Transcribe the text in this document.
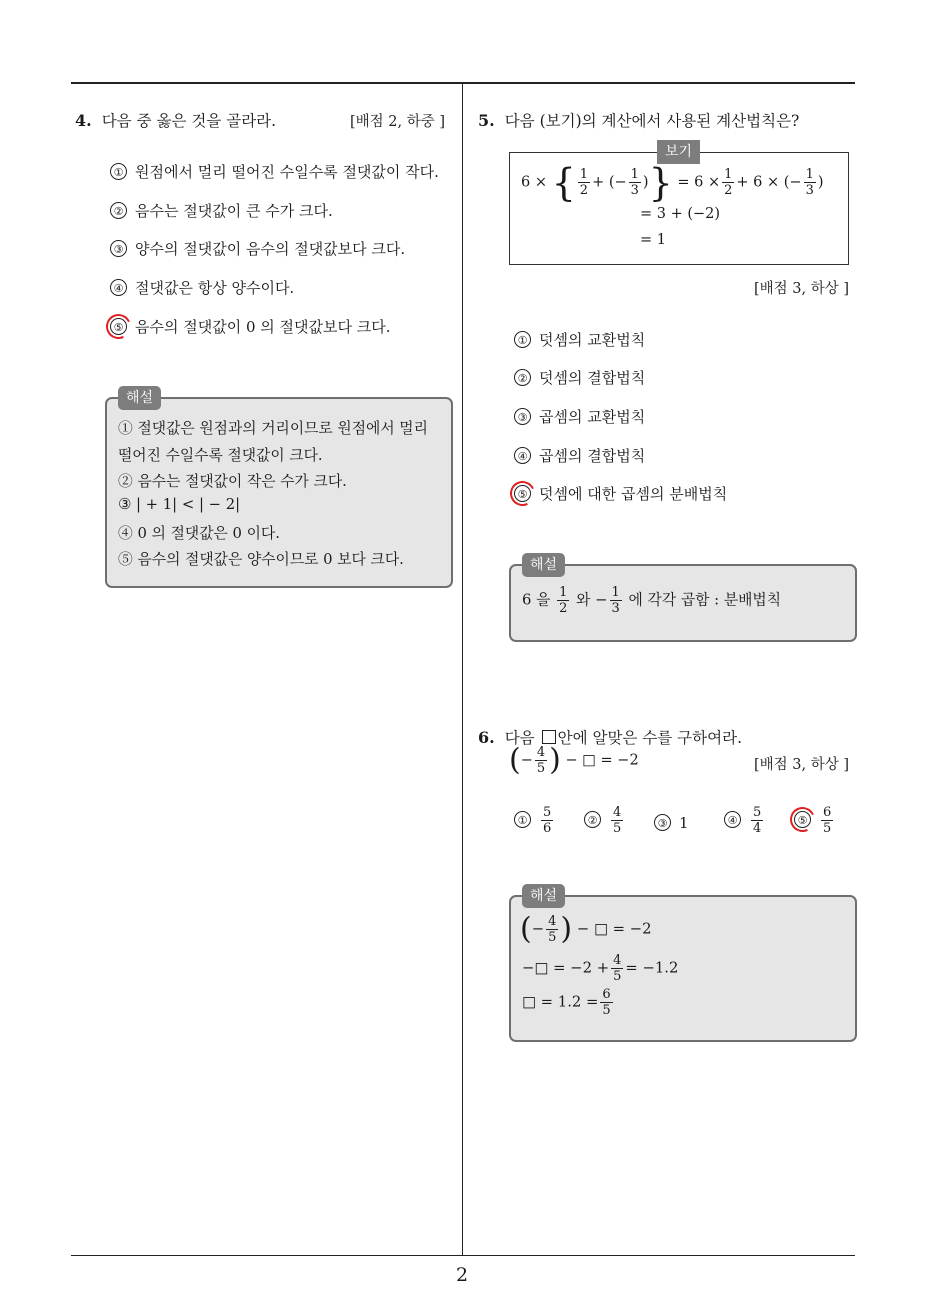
4. 다음 중 옳은 것을 골라라.	[배점 2, 하중 ]
① 원점에서 멀리 떨어진 수일수록 절댓값이 작다.
② 음수는 절댓값이 큰 수가 크다.
③ 양수의 절댓값이 음수의 절댓값보다 크다.
④ 절댓값은 항상 양수이다.
⑤ 음수의 절댓값이 0 의 절댓값보다 크다.
해설
① 절댓값은 원점과의 거리이므로 원점에서 멀리
떨어진 수일수록 절댓값이 크다.
② 음수는 절댓값이 작은 수가 크다.
③ | + 1| < | − 2|
④ 0 의 절댓값은 0 이다.
⑤ 음수의 절댓값은 양수이므로 0 보다 크다.
5. 다음 (보기)의 계산에서 사용된 계산법칙은?
보기
6 × { $\frac{1}{2}$ + (− $\frac{1}{3}$ )} = $6 \times \frac{1}{2} + 6$ × (− $\frac{1}{3}$ )
= 3 + (−2)
= 1
[배점 3, 하상 ]
① 덧셈의 교환법칙
② 덧셈의 결합법칙
③ 곱셈의 교환법칙
④ 곱셈의 결합법칙
⑤ 덧셈에 대한 곱셈의 분배법칙
해설
6 을 $\frac{1}{2}$ 와 − $\frac{1}{3}$ 에 각각 곱함 : 분배법칙
6. 다음 안에 알맞은 수를 구하여라.
(− $\frac{4}{5}$ ) − □ = −2	[배점 3, 하상 ]
① $\frac{5}{6}$	② $\frac{4}{5}$	③ 1	④ $\frac{5}{4}$	⑤ $\frac{6}{5}$
해설
(− $\frac{4}{5}$ ) − □ = −2
−□ = $-2 + \frac{4}{5} = -1.2$
□ = $1.2 = \frac{6}{5}$
2
